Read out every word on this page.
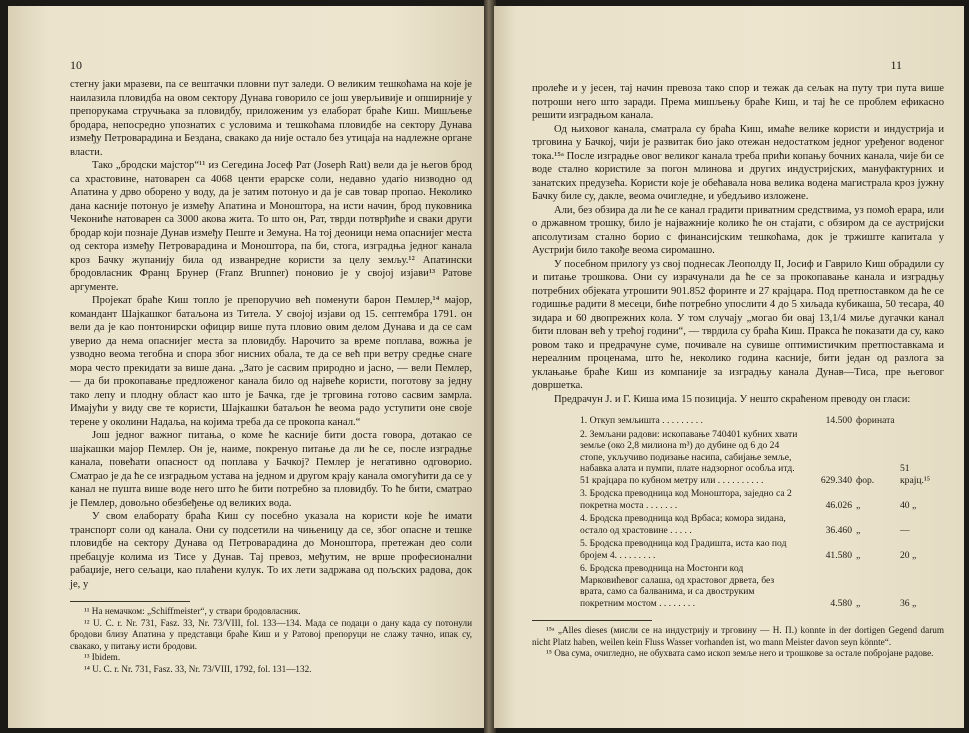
10

стегну јаки мразеви, па се вештачки пловни пут заледи. О великим тешкоћама на које је наилазила пловидба на овом сектору Дунава говорило се још уверљивије и опширније у препорукама стручњака за пловидбу, приложеним уз елаборат браће Киш. Мишљење бродара, непосредно упознатих с условима и тешкоћама пловидбе на сектору Дунава између Петроварадина и Бездана, свакако да није остало без утицаја на надлежне органе власти.

Тако „бродски мајстор“¹¹ из Сегедина Јосеф Рат (Joseph Ratt) вели да је његов брод са храстовине, натоварен са 4068 центи ерарске соли, недавно удario низводно од Апатина у дрво оборено у воду, да је затим потонуо и да је сав товар пропао. Неколико дана касније потонуо је између Апатина и Моноштора, на исти начин, брод пуковника Чекониће натоварен са 3000 акова жита. То што он, Рат, тврди потврђиће и сваки други бродар који познаје Дунав између Пеште и Земуна. На тој деоници нема опаснијег места од сектора између Петроварадина и Моноштора, па би, стога, изградња једног канала кроз Бачку жупанију била од изванредне користи за целу земљу.¹² Апатински бродовласник Франц Брунер (Franz Brunner) поновио је у својој изјави¹³ Ратове аргументе.

Пројекат браће Киш топло је препоручио већ поменути барон Пемлер,¹⁴ мајор, командант Шајкашког батаљона из Титела. У својој изјави од 15. септембра 1791. он вели да је као понтонирски официр више пута пловио овим делом Дунава и да се сам уверио да нема опаснијег места за пловидбу. Нарочито за време поплава, вожња је узводно веома тегобна и спора због нисних обала, те да се већ при ветру средње снаге мора често прекидати за више дана. „Зато је сасвим природно и јасно, — вели Пемлер, — да би прокопавање предложеног канала било од највеће користи, поготову за једну тако лепу и плодну област као што је Бачка, где је трговина готово сасвим замрла. Имајући у виду све те користи, Шајкашки батаљон ће веома радо уступити оне своје терене у околини Надаља, на којима треба да се прокопа канал.“

Још једног важног питања, о коме ће касније бити доста говора, дотакао се шајкашки мајор Пемлер. Он је, наиме, покренуо питање да ли ће се, после изградње канала, повећати опасност од поплава у Бачкој? Пемлер је негативно одговорио. Сматрао је да ће се изградњом устава на једном и другом крају канала омогућити да се у канал не пушта више воде него што ће бити потребно за пловидбу. То ће бити, сматрао је Пемлер, довољно обезбеђење од великих вода.

У свом елаборату браћа Киш су посебно указала на користи које ће имати транспорт соли од канала. Они су подсетили на чињеницу да се, због опасне и тешке пловидбе на сектору Дунава од Петроварадина до Моноштора, претежан део соли пребацује колима из Тисе у Дунав. Тај превоз, међутим, не врше професионални рабаџије, него сељаци, као плаћени кулук. То их лети задржава од пољских радова, док је, у

¹¹ На немачком: „Schiffmeister“, у ствари бродовласник.

¹² U. C. r. Nr. 731, Fasz. 33, Nr. 73/VIII, fol. 133—134. Мада се подаци о дану када су потонули бродови близу Апатина у представци браће Киш и у Ратовој препоруци не слажу тачно, ипак су, свакако, у питању исти бродови.

¹³ Ibidem.

¹⁴ U. C. r. Nr. 731, Fasz. 33, Nr. 73/VIII, 1792, fol. 131—132.

11

пролеће и у јесен, тај начин превоза тако спор и тежак да сељак на путу три пута више потроши него што заради. Према мишљењу браће Киш, и тај ће се проблем ефикасно решити изградњом канала.

Од њиховог канала, сматрала су браћа Киш, имаће велике користи и индустрија и трговина у Бачкој, чији је развитак био јако отежан недостатком једног уређеног воденог тока.¹⁵ᵃ После изградње овог великог канала треба прићи копању бочних канала, чије би се воде стално користиле за погон млинова и других индустријских, мануфактурних и занатских предузећа. Користи које је обећавала нова велика водена магистрала кроз јужну Бачку биле су, дакле, веома очигледне, и убедљиво изложене.

Али, без обзира да ли ће се канал градити приватним средствима, уз помоћ ерара, или о државном трошку, било је најважније колико ће он стајати, с обзиром да се аустријски апсолутизам стално борио с финансијским тешкоћама, док је тржиште капитала у Аустрији било такође веома сиромашно.

У посебном прилогу уз свој поднесак Леополду II, Јосиф и Гаврило Киш обрадили су и питање трошкова. Они су израчунали да ће се за прокопавање канала и изградњу потребних објеката утрошити 901.852 форинте и 27 крајцара. Под претпоставком да ће се годишње радити 8 месеци, биће потребно упослити 4 до 5 хиљада кубикаша, 50 тесара, 40 зидара и 60 двопрежних кола. У том случају „могао би овај 13,1/4 миље дугачки канал бити плован већ у трећој години“, — тврдила су браћа Киш. Пракса ће показати да су, како ровом тако и предрачуне суме, почивале на сувише оптимистичким претпоставкама и нереалним проценама, што ће, неколико година касније, бити један од разлога за уклањање браће Киш из компаније за изградњу канала Дунав—Тиса, пре његовог довршетка.

Предрачун Ј. и Г. Киша има 15 позиција. У нешто скраћеном преводу он гласи:

1. Откуп земљишта . . . . . . . . .	14.500	форината	
2. Земљани радови: ископавање 740401 кубних хвати земље (око 2,8 милиона m³) до дубине од 6 до 24 стопе, укључиво подизање насипа, сабијање земље, набавка алата и пумпи, плате надзорног особља итд. 51 крајцара по кубном метру или . . . . . . . . . .	629.340	фор.	51 крајц.¹⁵
3. Бродска преводница код Моноштора, заједно са 2 покретна моста . . . . . . .	46.026	„	40 „
4. Бродска преводница код Врбаса; комора зидана, остало од храстовине . . . . .	36.460	„	—
5. Бродска преводница код Градишта, иста као под бројем 4. . . . . . . . .	41.580	„	20 „
6. Бродска преводница на Мостонги код Марковићевог салаша, од храстовог дрвета, без врата, само са балванима, и са двоструким покретним мостом . . . . . . . .	4.580	„	36 „

¹⁵ᵃ „Alles dieses (мисли се на индустрију и трговину — Н. П.) konnte in der dortigen Gegend darum nicht Platz haben, weilen kein Fluss Wasser vorhanden ist, wo mann Meister davon seyn könnte“.

¹⁵ Ова сума, очигледно, не обухвата само ископ земље него и трошкове за остале побројане радове.
